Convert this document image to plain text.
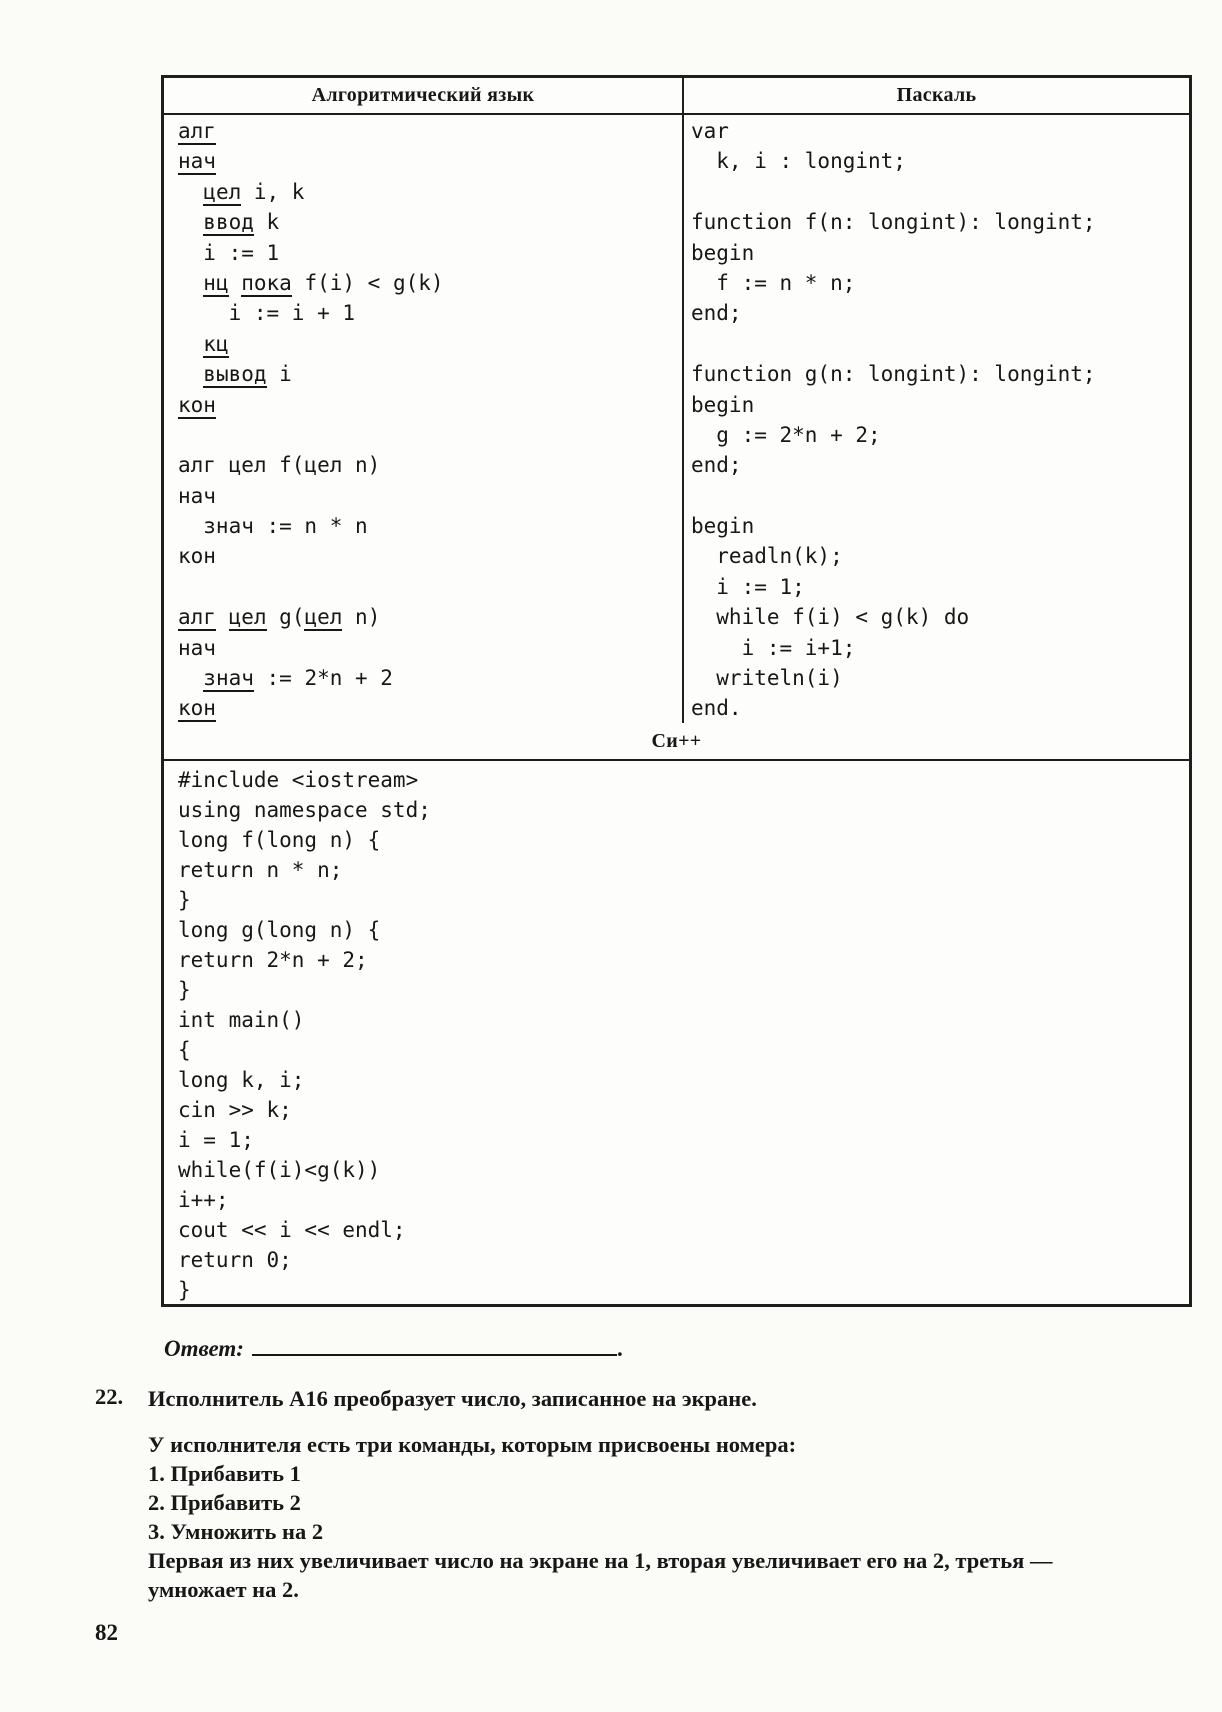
Алгоритмический язык	Паскаль
алг
нач
цел i, k
ввод k
i := 1
нц пока f(i) < g(k)
i := i + 1
кц
вывод i
кон

алг цел f(цел n)
нач
знач := n * n
кон

алг цел g(цел n)
нач
знач := 2*n + 2
кон
var
k, i : longint;

function f(n: longint): longint;
begin
f := n * n;
end;

function g(n: longint): longint;
begin
g := 2*n + 2;
end;

begin
readln(k);
i := 1;
while f(i) < g(k) do
i := i+1;
writeln(i)
end.
Си++
#include <iostream>
using namespace std;
long f(long n) {
return n * n;
}
long g(long n) {
return 2*n + 2;
}
int main()
{
long k, i;
cin >> k;
i = 1;
while(f(i)<g(k))
i++;
cout << i << endl;
return 0;
}
Ответ:	.
22. Исполнитель А16 преобразует число, записанное на экране.
У исполнителя есть три команды, которым присвоены номера:
1. Прибавить 1
2. Прибавить 2
3. Умножить на 2
Первая из них увеличивает число на экране на 1, вторая увеличивает его на 2, третья —
умножает на 2.
82
